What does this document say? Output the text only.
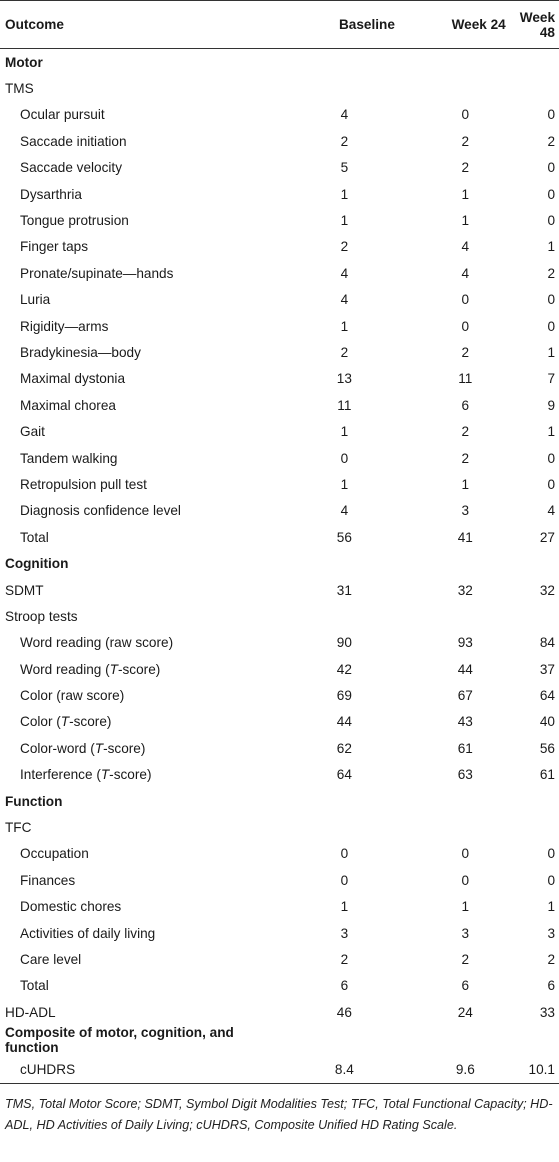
Outcome	Baseline	Week 24	Week 48
Motor			
TMS			
Ocular pursuit	4	0	0
Saccade initiation	2	2	2
Saccade velocity	5	2	0
Dysarthria	1	1	0
Tongue protrusion	1	1	0
Finger taps	2	4	1
Pronate/supinate—hands	4	4	2
Luria	4	0	0
Rigidity—arms	1	0	0
Bradykinesia—body	2	2	1
Maximal dystonia	13	11	7
Maximal chorea	11	6	9
Gait	1	2	1
Tandem walking	0	2	0
Retropulsion pull test	1	1	0
Diagnosis confidence level	4	3	4
Total	56	41	27
Cognition			
SDMT	31	32	32
Stroop tests			
Word reading (raw score)	90	93	84
Word reading (T-score)	42	44	37
Color (raw score)	69	67	64
Color (T-score)	44	43	40
Color-word (T-score)	62	61	56
Interference (T-score)	64	63	61
Function			
TFC			
Occupation	0	0	0
Finances	0	0	0
Domestic chores	1	1	1
Activities of daily living	3	3	3
Care level	2	2	2
Total	6	6	6
HD-ADL	46	24	33
Composite of motor, cognition, and function			
cUHDRS	8.4	9.6	10.1
TMS, Total Motor Score; SDMT, Symbol Digit Modalities Test; TFC, Total Functional Capacity; HD-ADL, HD Activities of Daily Living; cUHDRS, Composite Unified HD Rating Scale.
